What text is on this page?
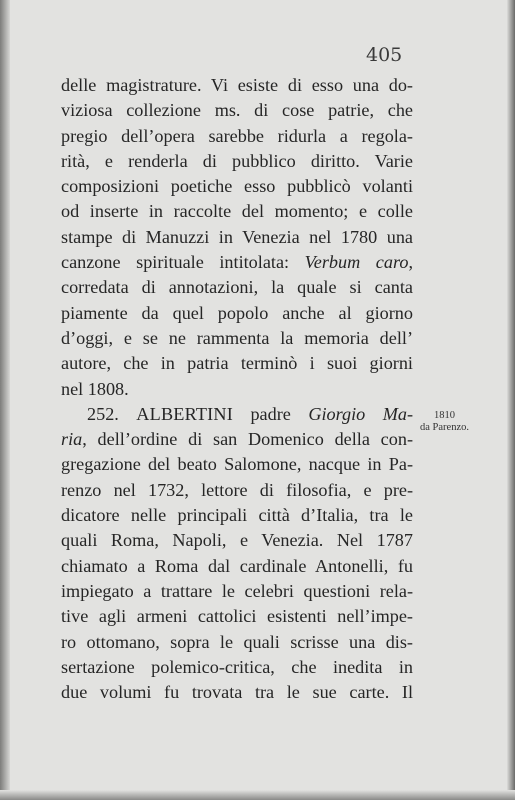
405
delle magistrature. Vi esiste di esso una do-
viziosa collezione ms. di cose patrie, che
pregio dell’opera sarebbe ridurla a regola-
rità, e renderla di pubblico diritto. Varie
composizioni poetiche esso pubblicò volanti
od inserte in raccolte del momento; e colle
stampe di Manuzzi in Venezia nel 1780 una
canzone spirituale intitolata: Verbum caro,
corredata di annotazioni, la quale si canta
piamente da quel popolo anche al giorno
d’oggi, e se ne rammenta la memoria dell’
autore, che in patria terminò i suoi giorni
nel 1808.
252. ALBERTINI padre Giorgio Ma-
ria, dell’ordine di san Domenico della con-
gregazione del beato Salomone, nacque in Pa-
renzo nel 1732, lettore di filosofia, e pre-
dicatore nelle principali città d’Italia, tra le
quali Roma, Napoli, e Venezia. Nel 1787
chiamato a Roma dal cardinale Antonelli, fu
impiegato a trattare le celebri questioni rela-
tive agli armeni cattolici esistenti nell’impe-
ro ottomano, sopra le quali scrisse una dis-
sertazione polemico-critica, che inedita in
due volumi fu trovata tra le sue carte. Il
1810
da Parenzo.
